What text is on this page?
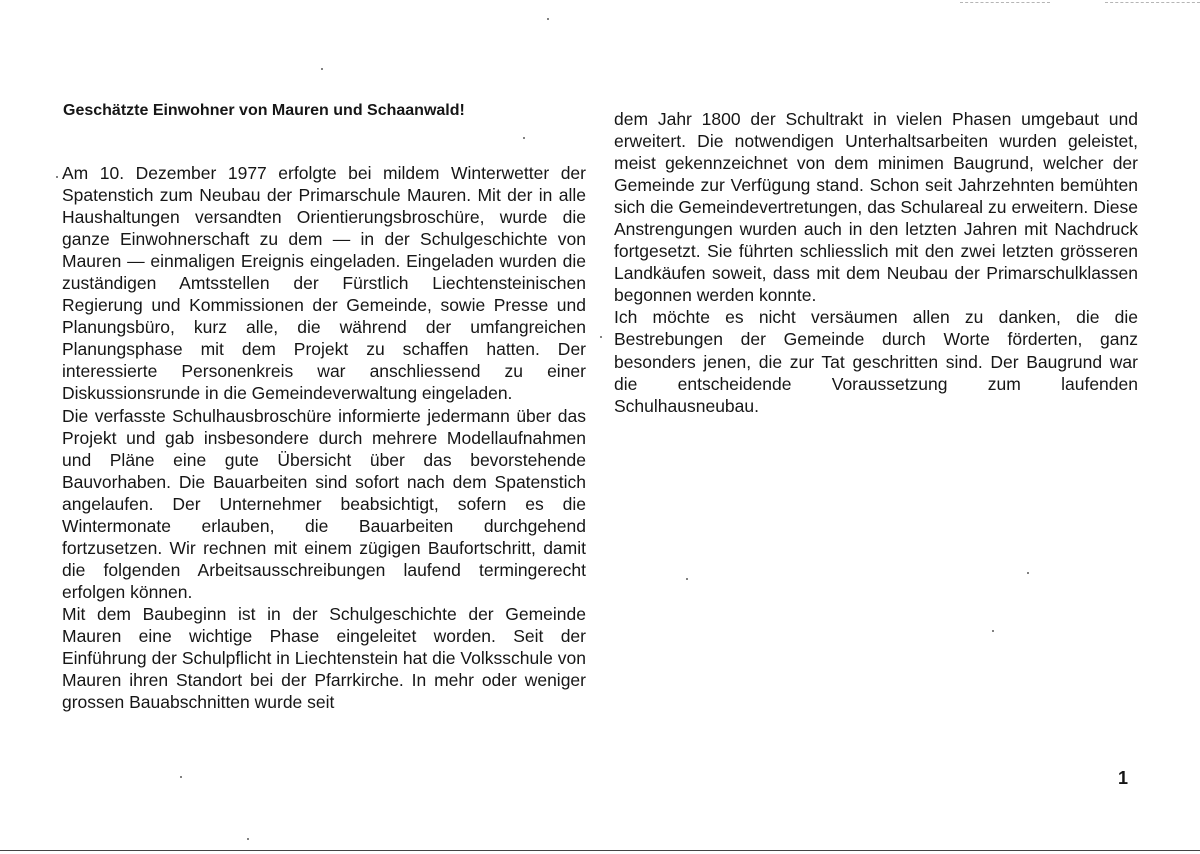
Geschätzte Einwohner von Mauren und Schaanwald!

Am 10. Dezember 1977 erfolgte bei mildem Winterwetter der Spatenstich zum Neubau der Primarschule Mauren. Mit der in alle Haushaltungen versandten Orientierungsbroschüre, wurde die ganze Einwohnerschaft zu dem — in der Schulgeschichte von Mauren — einmaligen Ereignis eingeladen. Eingeladen wurden die zuständigen Amtsstellen der Fürstlich Liechtensteinischen Regierung und Kommissionen der Gemeinde, sowie Presse und Planungsbüro, kurz alle, die während der umfangreichen Planungsphase mit dem Projekt zu schaffen hatten. Der interessierte Personenkreis war anschliessend zu einer Diskussionsrunde in die Gemeindeverwaltung eingeladen.

Die verfasste Schulhausbroschüre informierte jedermann über das Projekt und gab insbesondere durch mehrere Modellaufnahmen und Pläne eine gute Übersicht über das bevorstehende Bauvorhaben. Die Bauarbeiten sind sofort nach dem Spatenstich angelaufen. Der Unternehmer beabsichtigt, sofern es die Wintermonate erlauben, die Bauarbeiten durchgehend fortzusetzen. Wir rechnen mit einem zügigen Baufortschritt, damit die folgenden Arbeitsausschreibungen laufend termingerecht erfolgen können.

Mit dem Baubeginn ist in der Schulgeschichte der Gemeinde Mauren eine wichtige Phase eingeleitet worden. Seit der Einführung der Schulpflicht in Liechtenstein hat die Volksschule von Mauren ihren Standort bei der Pfarrkirche. In mehr oder weniger grossen Bauabschnitten wurde seit

dem Jahr 1800 der Schultrakt in vielen Phasen umgebaut und erweitert. Die notwendigen Unterhaltsarbeiten wurden geleistet, meist gekennzeichnet von dem minimen Baugrund, welcher der Gemeinde zur Verfügung stand. Schon seit Jahrzehnten bemühten sich die Gemeindevertretungen, das Schulareal zu erweitern. Diese Anstrengungen wurden auch in den letzten Jahren mit Nachdruck fortgesetzt. Sie führten schliesslich mit den zwei letzten grösseren Landkäufen soweit, dass mit dem Neubau der Primarschulklassen begonnen werden konnte.

Ich möchte es nicht versäumen allen zu danken, die die Bestrebungen der Gemeinde durch Worte förderten, ganz besonders jenen, die zur Tat geschritten sind. Der Baugrund war die entscheidende Voraussetzung zum laufenden Schulhausneubau.

1
